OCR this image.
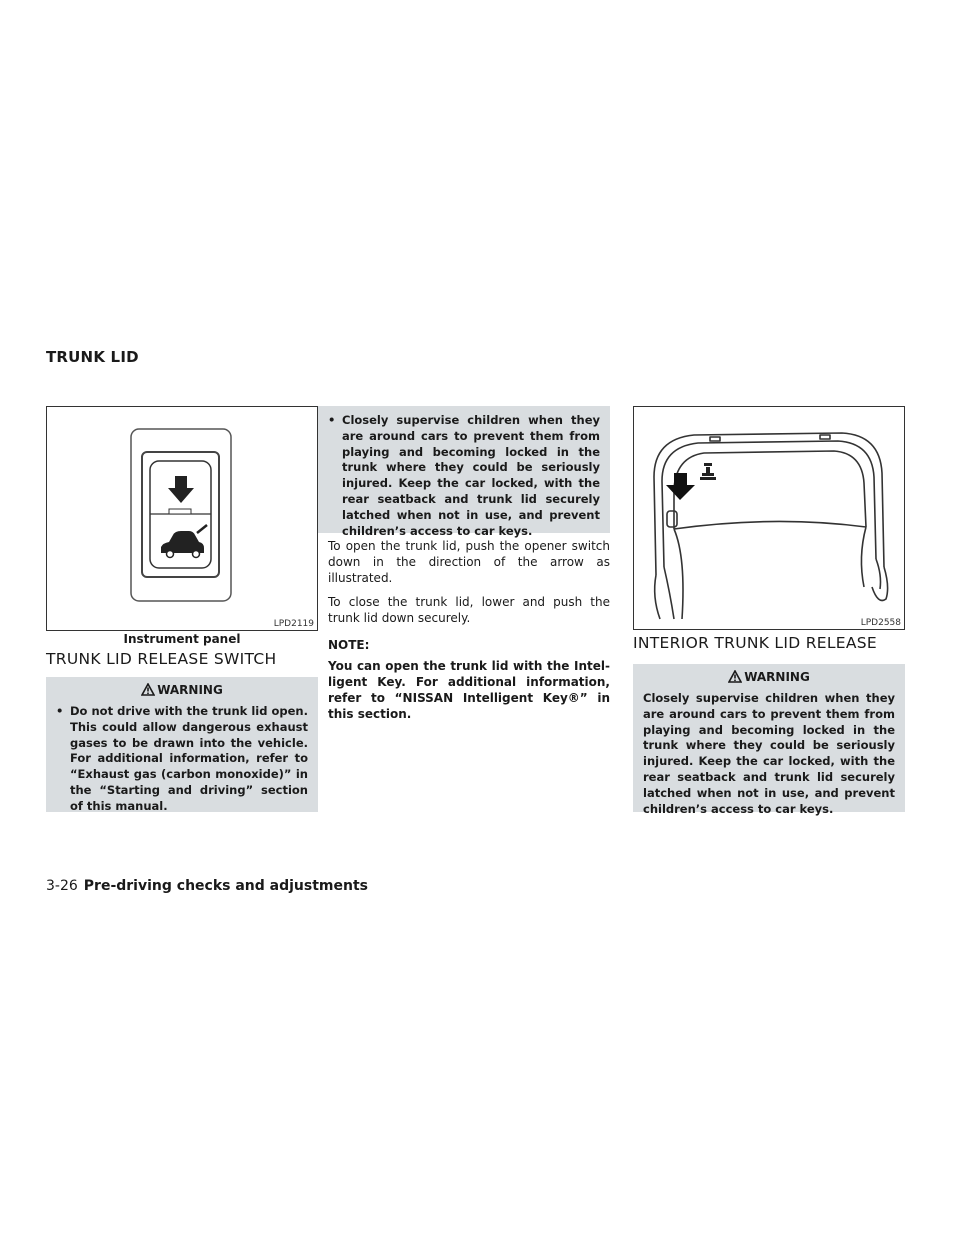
TRUNK LID
LPD2119
Instrument panel
TRUNK LID RELEASE SWITCH
WARNING
• Do not drive with the trunk lid open. This could allow dangerous exhaust gases to be drawn into the vehicle. For additional information, refer to “Exhaust gas (carbon monoxide)” in the “Starting and driving” section of this manual.
• Closely supervise children when they are around cars to prevent them from playing and becoming locked in the trunk where they could be seriously injured. Keep the car locked, with the rear seatback and trunk lid securely latched when not in use, and prevent children’s access to car keys.

To open the trunk lid, push the opener switch down in the direction of the arrow as illustrated.

To close the trunk lid, lower and push the trunk lid down securely.

NOTE:
You can open the trunk lid with the Intelligent Key. For additional information, refer to “NISSAN Intelligent Key®” in this section.
LPD2558
INTERIOR TRUNK LID RELEASE
WARNING
Closely supervise children when they are around cars to prevent them from playing and becoming locked in the trunk where they could be seriously injured. Keep the car locked, with the rear seatback and trunk lid securely latched when not in use, and prevent children’s access to car keys.
3-26 Pre-driving checks and adjustments
